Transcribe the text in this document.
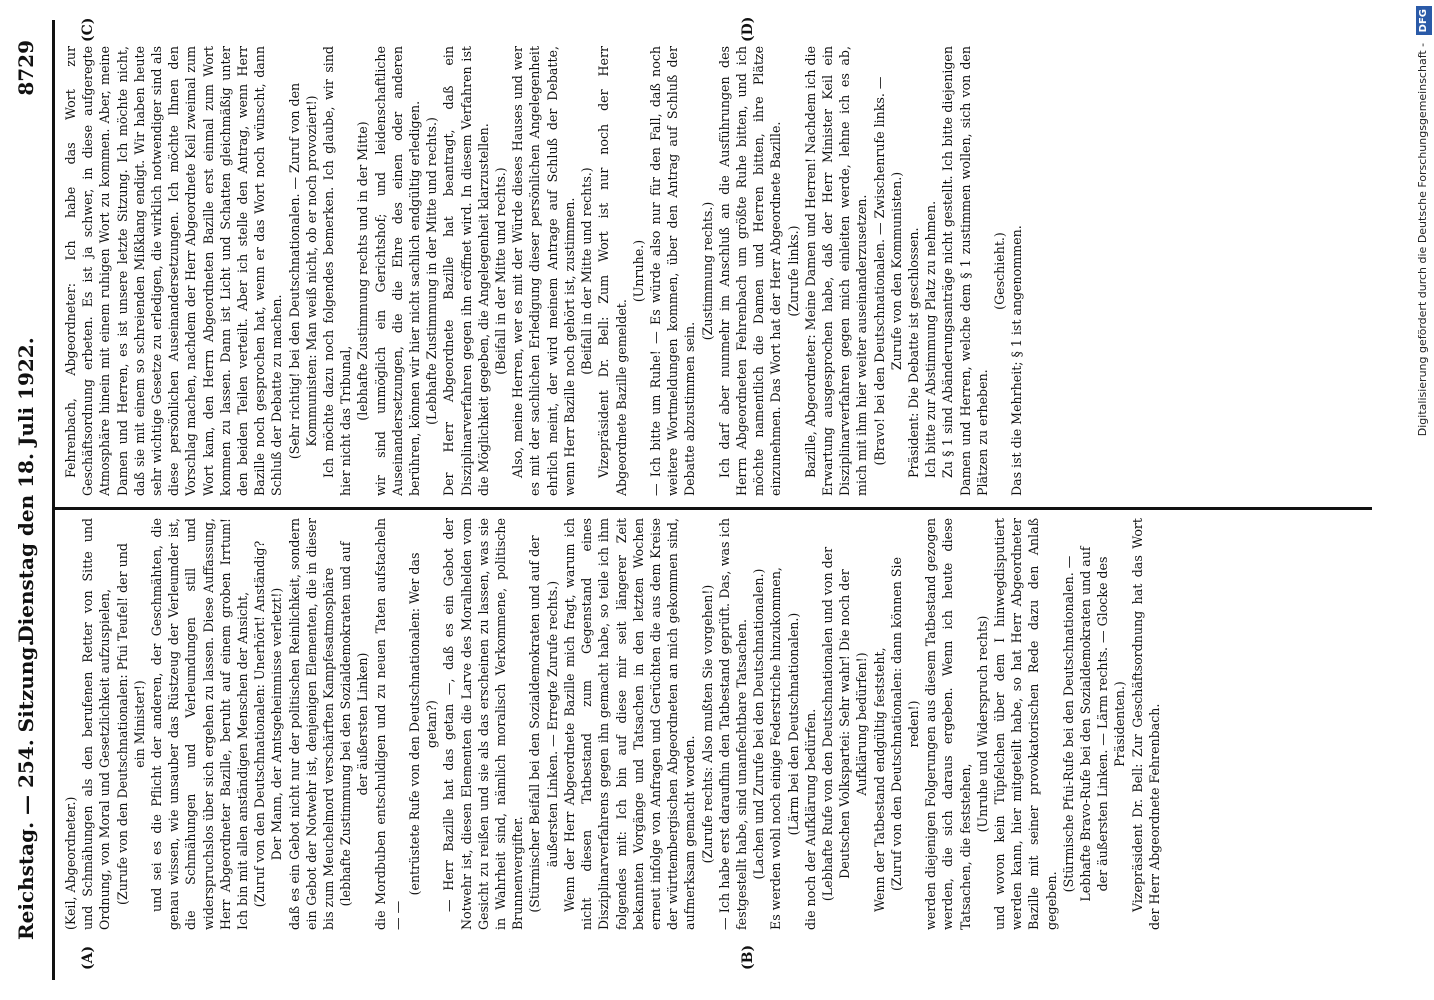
Reichstag. — 254. Sitzung.
Dienstag den 18. Juli 1922.
8729
(A)	(B)
(C)	(D)

(Keil, Abgeordneter.) und Schmähungen als den berufenen Retter von Sitte und Ordnung, von Moral und Gesetzlichkeit aufzuspielen, (Zurufe von den Deutschnationalen: Pfui Teufel! der und ein Minister!) und sei es die Pflicht der anderen, der Geschmähten, die genau wissen, wie unsauber das Rüstzeug der Verleumder ist, die Schmähungen und Verleumdungen still und widerspruchslos über sich ergehen zu lassen. Diese Auffassung, Herr Abgeordneter Bazille, beruht auf einem groben Irrtum! Ich bin mit allen anständigen Menschen der Ansicht, (Zuruf von den Deutschnationalen: Unerhört! Anständig? Der Mann, der Amtsgeheimnisse verletzt!) daß es ein Gebot nicht nur der politischen Reinlichkeit, sondern ein Gebot der Notwehr ist, denjenigen Elementen, die in dieser bis zum Meuchelmord verschärften Kampfesatmosphäre (lebhafte Zustimmung bei den Sozialdemokraten und auf der äußersten Linken) die Mordbuben entschuldigen und zu neuen Taten aufstacheln — —

(entrüstete Rufe von den Deutschnationalen: Wer das getan?) — Herr Bazille hat das getan —, daß es ein Gebot der Notwehr ist, diesen Elementen die Larve des Moralhelden vom Gesicht zu reißen und sie als das erscheinen zu lassen, was sie in Wahrheit sind, nämlich moralisch Verkommene, politische Brunnenvergifter. (Stürmischer Beifall bei den Sozialdemokraten und auf der äußersten Linken. — Erregte Zurufe rechts.) Wenn der Herr Abgeordnete Bazille mich fragt, warum ich nicht diesen Tatbestand zum Gegenstand eines Disziplinarverfahrens gegen ihn gemacht habe, so teile ich ihm folgendes mit: Ich bin auf diese mir seit längerer Zeit bekannten Vorgänge und Tatsachen in den letzten Wochen erneut infolge von Anfragen und Gerüchten die aus dem Kreise der württembergischen Abgeordneten an mich gekommen sind, aufmerksam gemacht worden. (Zurufe rechts: Also mußten Sie vorgehen!) — Ich habe erst daraufhin den Tatbestand geprüft. Das, was ich festgestellt habe, sind unanfechtbare Tatsachen. (Lachen und Zurufe bei den Deutschnationalen.) Es werden wohl noch einige Federstriche hinzukommen, (Lärm bei den Deutschnationalen.) die noch der Aufklärung bedürfen. (Lebhafte Rufe von den Deutschnationalen und von der Deutschen Volkspartei: Sehr wahr! Die noch der Aufklärung bedürfen!) Wenn der Tatbestand endgültig feststeht, (Zuruf von den Deutschnationalen: dann können Sie reden!) werden diejenigen Folgerungen aus diesem Tatbestand gezogen werden, die sich daraus ergeben. Wenn ich heute diese Tatsachen, die feststehen,

(Unruhe und Widerspruch rechts) und wovon kein Tüpfelchen über dem I hinwegdisputiert werden kann, hier mitgeteilt habe, so hat Herr Abgeordneter Bazille mit seiner provokatorischen Rede dazu den Anlaß gegeben.

(Stürmische Pfui-Rufe bei den Deutschnationalen. — Lebhafte Bravo-Rufe bei den Sozialdemokraten und auf der äußersten Linken. — Lärm rechts. — Glocke des Präsidenten.) Vizepräsident Dr. Bell: Zur Geschäftsordnung hat das Wort der Herr Abgeordnete Fehrenbach.

Fehrenbach, Abgeordneter: Ich habe das Wort zur Geschäftsordnung erbeten. Es ist ja schwer, in diese aufgeregte Atmosphäre hinein mit einem ruhigen Wort zu kommen. Aber, meine Damen und Herren, es ist unsere letzte Sitzung. Ich möchte nicht, daß sie mit einem so schreienden Mißklang endigt. Wir haben heute sehr wichtige Gesetze zu erledigen, die wirklich notwendiger sind als diese persönlichen Auseinandersetzungen. Ich möchte Ihnen den Vorschlag machen, nachdem der Herr Abgeordnete Keil zweimal zum Wort kam, den Herrn Abgeordneten Bazille erst einmal zum Wort kommen zu lassen. Dann ist Licht und Schatten gleichmäßig unter den beiden Teilen verteilt. Aber ich stelle den Antrag, wenn Herr Bazille noch gesprochen hat, wenn er das Wort noch wünscht, dann Schluß der Debatte zu machen. (Sehr richtig! bei den Deutschnationalen. — Zuruf von den Kommunisten: Man weiß nicht, ob er noch provoziert!) Ich möchte dazu noch folgendes bemerken. Ich glaube, wir sind hier nicht das Tribunal,

(lebhafte Zustimmung rechts und in der Mitte) wir sind unmöglich ein Gerichtshof; und leidenschaftliche Auseinandersetzungen, die die Ehre des einen oder anderen berühren, können wir hier nicht sachlich endgültig erledigen. (Lebhafte Zustimmung in der Mitte und rechts.) Der Herr Abgeordnete Bazille hat beantragt, daß ein Disziplinarverfahren gegen ihn eröffnet wird. In diesem Verfahren ist die Möglichkeit gegeben, die Angelegenheit klarzustellen. (Beifall in der Mitte und rechts.) Also, meine Herren, wer es mit der Würde dieses Hauses und wer es mit der sachlichen Erledigung dieser persönlichen Angelegenheit ehrlich meint, der wird meinem Antrage auf Schluß der Debatte, wenn Herr Bazille noch gehört ist, zustimmen. (Beifall in der Mitte und rechts.) Vizepräsident Dr. Bell: Zum Wort ist nur noch der Herr Abgeordnete Bazille gemeldet.

(Unruhe.) — Ich bitte um Ruhe! — Es würde also nur für den Fall, daß noch weitere Wortmeldungen kommen, über den Antrag auf Schluß der Debatte abzustimmen sein.

(Zustimmung rechts.) Ich darf aber nunmehr im Anschluß an die Ausführungen des Herrn Abgeordneten Fehrenbach um größte Ruhe bitten, und ich möchte namentlich die Damen und Herren bitten, ihre Plätze einzunehmen. Das Wort hat der Herr Abgeordnete Bazille. (Zurufe links.) Bazille, Abgeordneter: Meine Damen und Herren! Nachdem ich die Erwartung ausgesprochen habe, daß der Herr Minister Keil ein Disziplinarverfahren gegen mich einleiten werde, lehne ich es ab, mich mit ihm hier weiter auseinanderzusetzen. (Bravo! bei den Deutschnationalen. — Zwischenrufe links. — Zurufe von den Kommunisten.) Präsident: Die Debatte ist geschlossen. Ich bitte zur Abstimmung Platz zu nehmen. Zu § 1 sind Abänderungsanträge nicht gestellt. Ich bitte diejenigen Damen und Herren, welche dem § 1 zustimmen wollen, sich von den Plätzen zu erheben.

(Geschieht.) Das ist die Mehrheit; § 1 ist angenommen.	Digitalisierung gefördert durch die Deutsche Forschungsgemeinschaft - DFG
